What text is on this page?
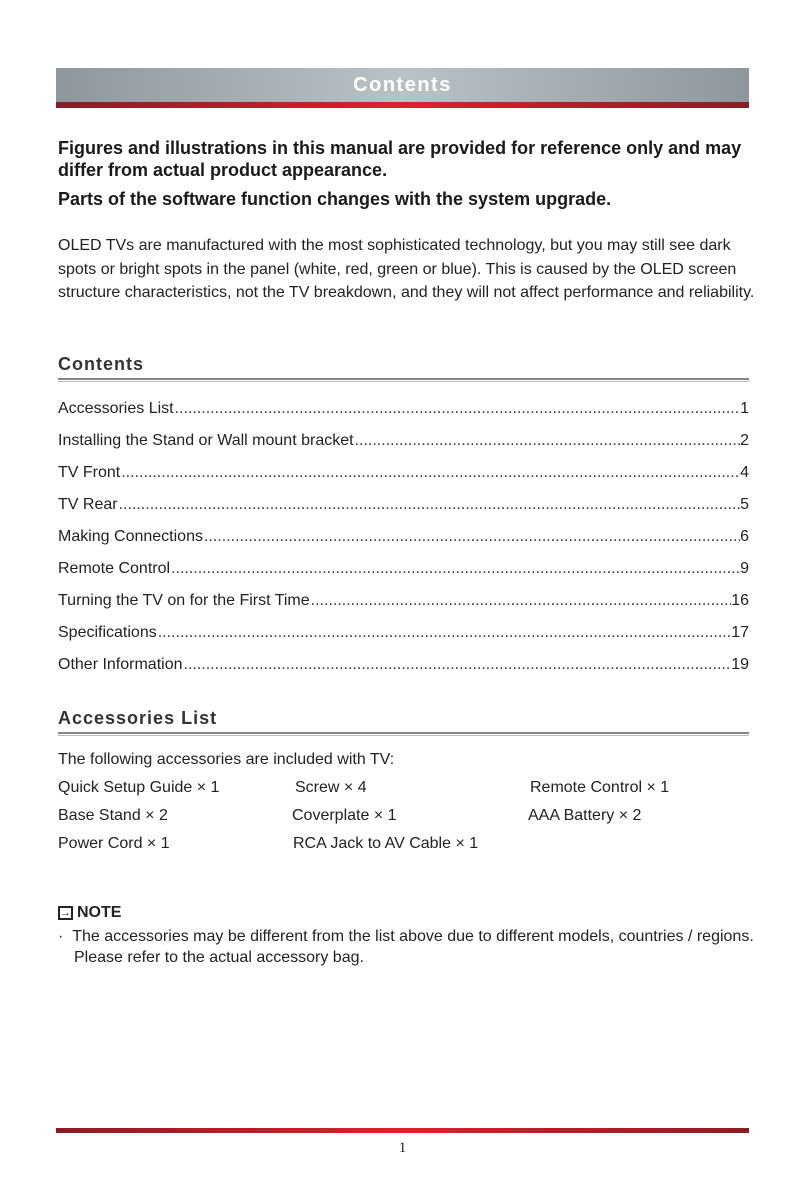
Contents
Figures and illustrations in this manual are provided for reference only and may differ from actual product appearance.
Parts of the software function changes with the system upgrade.
OLED TVs are manufactured with the most sophisticated technology, but you may still see dark spots or bright spots in the panel (white, red, green or blue). This is caused by the OLED screen structure characteristics, not the TV breakdown, and they will not affect performance and reliability.
Contents
Accessories List .....	1
Installing the Stand or Wall mount bracket .....	2
TV Front .....	4
TV Rear .....	5
Making Connections .....	6
Remote Control .....	9
Turning the TV on for the First Time .....	16
Specifications .....	17
Other Information .....	19
Accessories List
The following accessories are included with TV:
Quick Setup Guide × 1	Screw × 4	Remote Control × 1
Base Stand × 2	Coverplate × 1	AAA Battery × 2
Power Cord × 1	RCA Jack to AV Cable × 1
→ NOTE
·  The accessories may be different from the list above due to different models, countries / regions. Please refer to the actual accessory bag.
1
